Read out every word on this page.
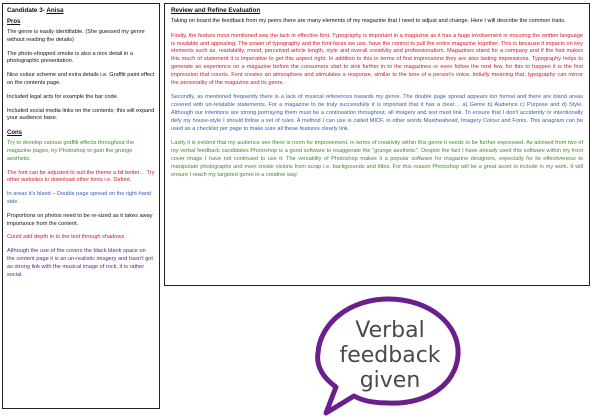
Candidate 3- Anisa
Pros

The genre is easily identifiable. (She guessed my genre without reading the details)

The photo-shopped smoke is also a nice detail in a photographic presentation.

Nice colour scheme and extra details i.e. Graffiti paint effect on the contents page.

Included legal acts for example the bar code.

Included social media links on the contents; this will expand your audience base.

Cons

Try to develop various graffiti effects throughout the magazine pages, try Photoshop to gain the grunge aesthetic.

The font can be adjusted to suit the theme a bit better… Try other websites to download other fonts i.e. Dafont.

In areas it's bland – Double page spread on the right-hand side.

Proportions on photos need to be re-sized as it takes away importance from the content.

Could add depth in to the text through shadows

Although the use of fire covers the black blank space on the content page it is an un-realistic imagery and hasn't got as strong link with the musical image of rock, it is rather social.

Review and Refine Evaluation

Taking on board the feedback from my peers there are many elements of my magazine that I need to adjust and change. Here I will describe the common traits.

Firstly, the feature most mentioned was the lack in effective font. Typography is important in a magazine as it has a huge involvement in ensuring the written language is readable and appealing. The power of typography and the font-faces we use, have the control to pull the entire magazine together. This is because it impacts on key elements such as, readability, mood, perceived article length, style and overall creativity and professionalism. Magazines stand for a company and if the font makes this much of statement it is imperative to get this aspect right. In addition to this in terms of first impressions they are also lasting impressions. Typography helps to generate an experience on a magazine before the consumers start to sink further in to the magazines or even follow the next few, for this to happen it is the first impression that counts. Font creates an atmosphere and stimulates a response, similar to the tone of a person's voice. Initially meaning that, typography can mirror the personality of the magazine and its genre.

Secondly, as mentioned frequently there is a lack of musical references towards my genre. The double page spread appears too formal and there are bland areas covered with un-relatable statements. For a magazine to be truly successfully it is important that it has a clear… a) Genre b) Audience c) Purpose and d) Style. Although our intentions are strong portraying them must be a continuation throughout, all imagery and text must link. To ensure that I don't accidently or intentionally defy my house-style I should follow a set of rules. A method I can use is called MICF, in other words Mastheahead, Imagery Colour and Fonts. This anagram can be used as a checklist per page to make sure all these features clearly link.

Lastly it is evident that my audience see there is room for improvement, in terms of creativity within this genre it needs to be further expressed. As advised from two of my verbal feedback candidates Photoshop is a good software to exaggerate the "grunge aesthetic". Despite the fact I have already used this software within my front cover image I have not continued to use it. The versatility of Photoshop makes it a popular software for magazine designers, especially for its effectiveness to manipulate photographs and even create visions from scrap i.e. backgrounds and titles. For this reason Photoshop will be a great asset to include in my work. It will ensure I reach my targeted genre in a creative way.

Verbal
feedback
given
